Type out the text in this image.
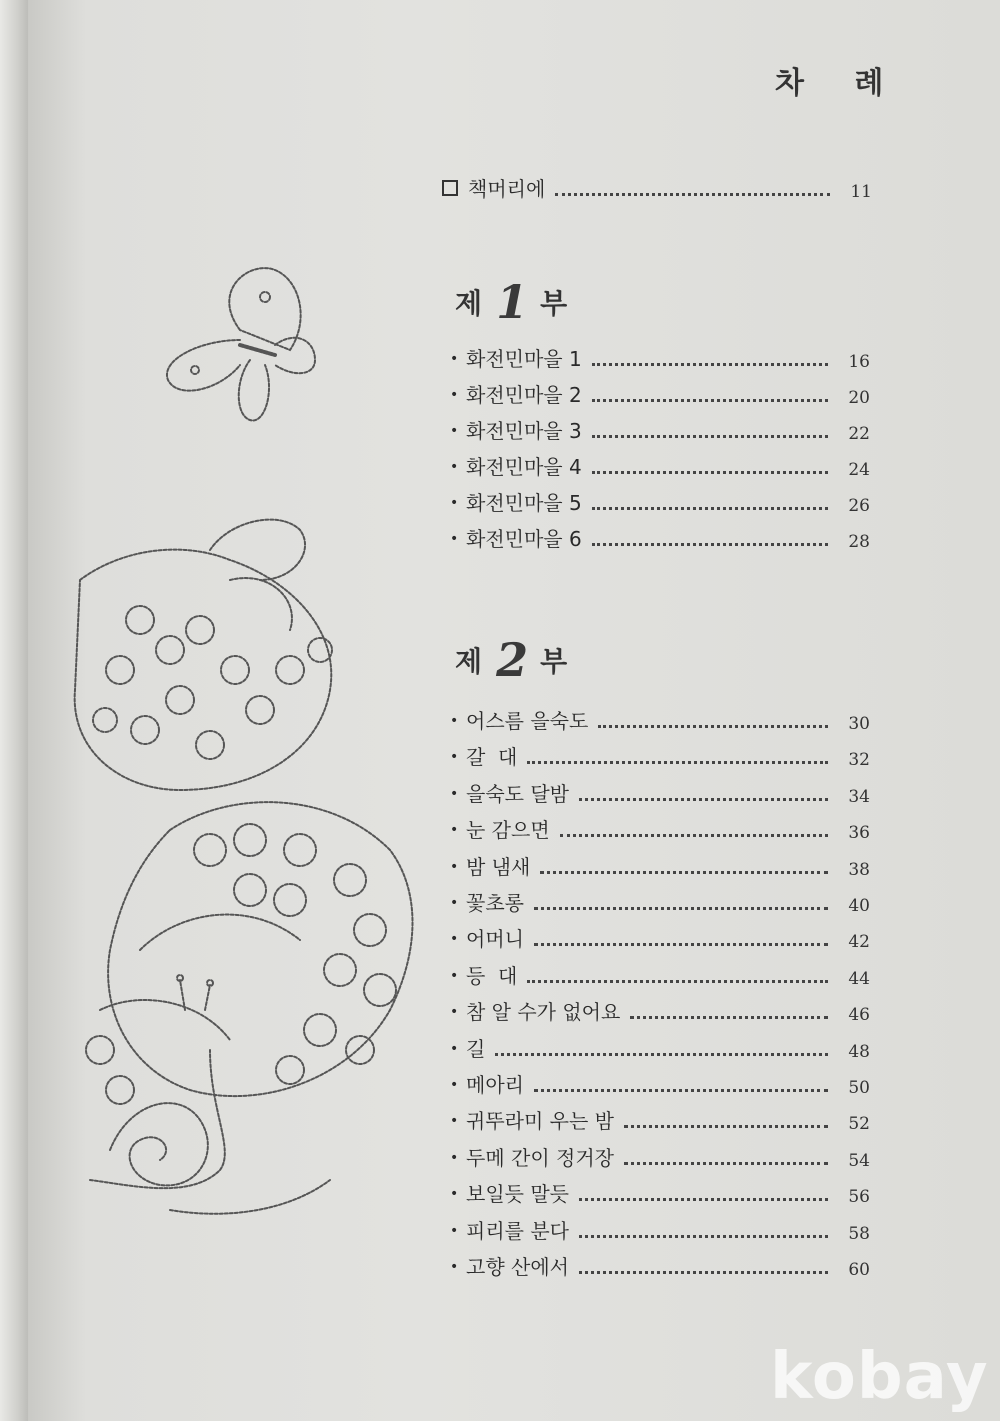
차 례
책머리에	11
제 1 부
• 화전민마을 1	16
• 화전민마을 2	20
• 화전민마을 3	22
• 화전민마을 4	24
• 화전민마을 5	26
• 화전민마을 6	28
제 2 부
• 어스름 을숙도	30
• 갈  대	32
• 을숙도 달밤	34
• 눈 감으면	36
• 밤 냄새	38
• 꽃초롱	40
• 어머니	42
• 등  대	44
• 참 알 수가 없어요	46
• 길	48
• 메아리	50
• 귀뚜라미 우는 밤	52
• 두메 간이 정거장	54
• 보일듯 말듯	56
• 피리를 분다	58
• 고향 산에서	60
kobay
